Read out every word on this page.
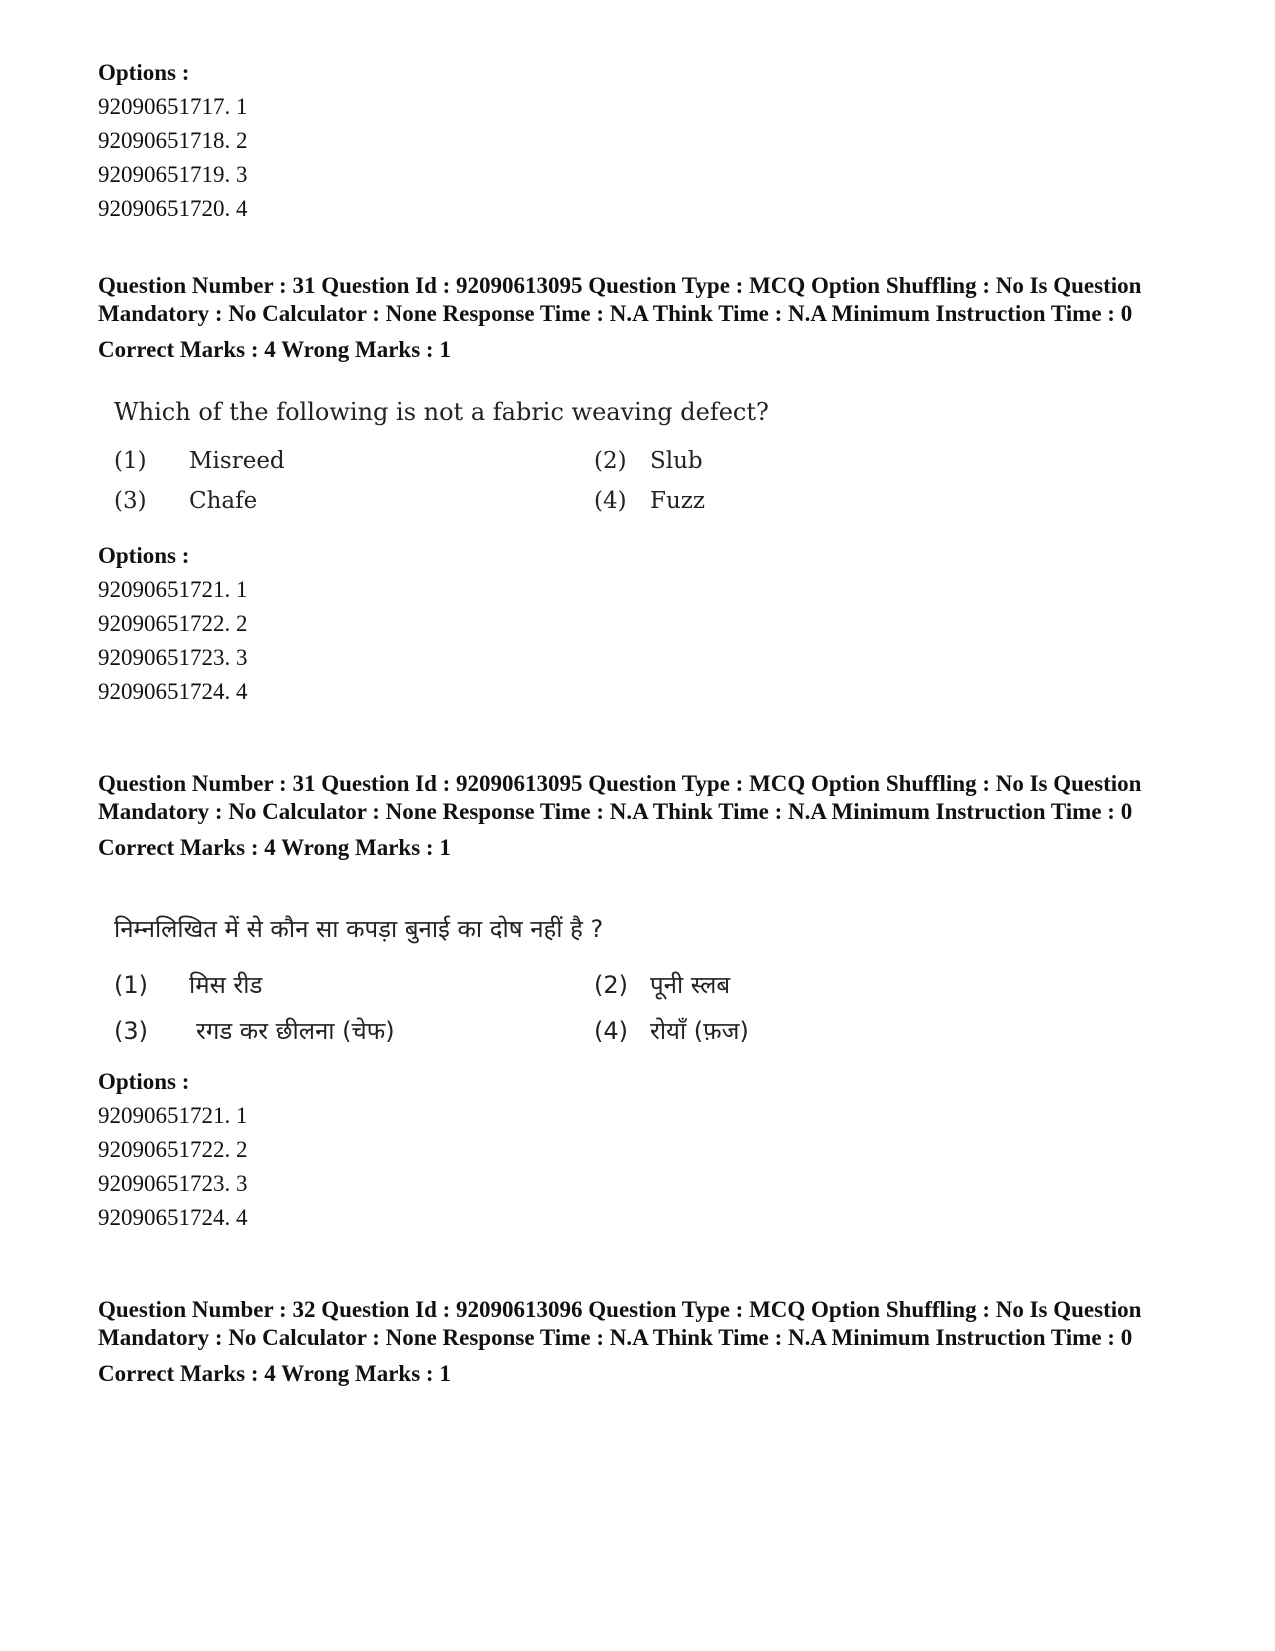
Options :
92090651717. 1
92090651718. 2
92090651719. 3
92090651720. 4
Question Number : 31 Question Id : 92090613095 Question Type : MCQ Option Shuffling : No Is Question Mandatory : No Calculator : None Response Time : N.A Think Time : N.A Minimum Instruction Time : 0
Correct Marks : 4 Wrong Marks : 1
Which of the following is not a fabric weaving defect?
(1) Misreed	(2) Slub
(3) Chafe	(4) Fuzz
Options :
92090651721. 1
92090651722. 2
92090651723. 3
92090651724. 4
Question Number : 31 Question Id : 92090613095 Question Type : MCQ Option Shuffling : No Is Question Mandatory : No Calculator : None Response Time : N.A Think Time : N.A Minimum Instruction Time : 0
Correct Marks : 4 Wrong Marks : 1
निम्नलिखित में से कौन सा कपड़ा बुनाई का दोष नहीं है ?
(1) मिस रीड	(2) पूनी स्लब
(3) रगड कर छीलना (चेफ)	(4) रोयाँ (फ़ज)
Options :
92090651721. 1
92090651722. 2
92090651723. 3
92090651724. 4
Question Number : 32 Question Id : 92090613096 Question Type : MCQ Option Shuffling : No Is Question Mandatory : No Calculator : None Response Time : N.A Think Time : N.A Minimum Instruction Time : 0
Correct Marks : 4 Wrong Marks : 1
